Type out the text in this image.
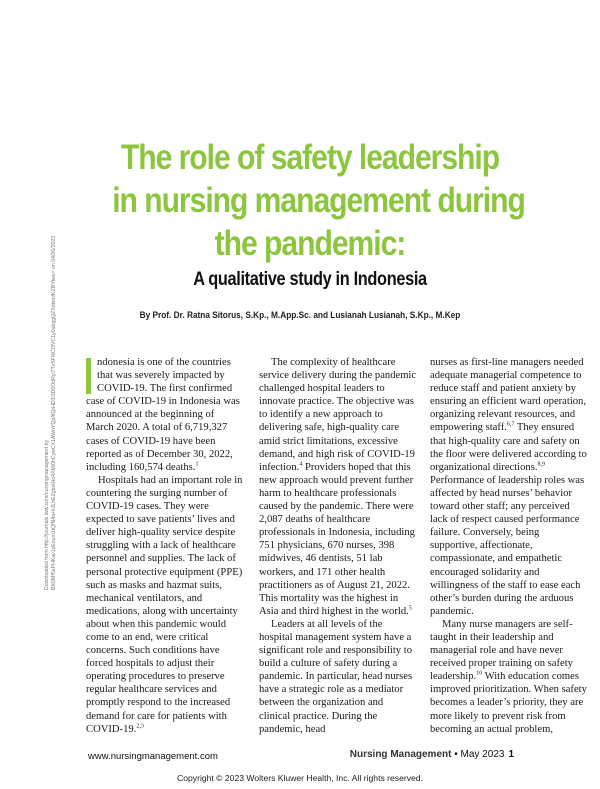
Downloaded from http://journals.lww.com/nursingmanagement by BhDMf5ePHKav1zEoum1tQfN4a+kJLhEZgbsIHo4XMi0hCywCX1AWnYQp/IlQrHD3i3D0OdRyi7TvSFl4Cf3VC1y0abggQZXdtwnfKZBYtws= on 04/26/2023
The role of safety leadership
in nursing management during
the pandemic:
A qualitative study in Indonesia
By Prof. Dr. Ratna Sitorus, S.Kp., M.App.Sc. and Lusianah Lusianah, S.Kp., M.Kep

ndonesia is one of the countries that was severely impacted by COVID-19. The first confirmed case of COVID-19 in Indonesia was announced at the beginning of March 2020. A total of 6,719,327 cases of COVID-19 have been reported as of December 30, 2022, including 160,574 deaths.$^1$

Hospitals had an important role in countering the surging number of COVID-19 cases. They were expected to save patients’ lives and deliver high-quality service despite struggling with a lack of healthcare personnel and supplies. The lack of personal protective equipment (PPE) such as masks and hazmat suits, mechanical ventilators, and medications, along with uncertainty about when this pandemic would come to an end, were critical concerns. Such conditions have forced hospitals to adjust their operating procedures to preserve regular healthcare services and promptly respond to the increased demand for care for patients with COVID-19.$^{2,3}$

The complexity of healthcare service delivery during the pandemic challenged hospital leaders to innovate practice. The objective was to identify a new approach to delivering safe, high-quality care amid strict limitations, excessive demand, and high risk of COVID-19 infection.$^4$ Providers hoped that this new approach would prevent further harm to healthcare professionals caused by the pandemic. There were 2,087 deaths of healthcare professionals in Indonesia, including 751 physicians, 670 nurses, 398 midwives, 46 dentists, 51 lab workers, and 171 other health practitioners as of August 21, 2022. This mortality was the highest in Asia and third highest in the world.$^5$

Leaders at all levels of the hospital management system have a significant role and responsibility to build a culture of safety during a pandemic. In particular, head nurses have a strategic role as a mediator between the organization and clinical practice. During the pandemic, head

nurses as first-line managers needed adequate managerial competence to reduce staff and patient anxiety by ensuring an efficient ward operation, organizing relevant resources, and empowering staff.$^{6,7}$ They ensured that high-quality care and safety on the floor were delivered according to organizational directions.$^{8,9}$ Performance of leadership roles was affected by head nurses’ behavior toward other staff; any perceived lack of respect caused performance failure. Conversely, being supportive, affectionate, compassionate, and empathetic encouraged solidarity and willingness of the staff to ease each other’s burden during the arduous pandemic.

Many nurse managers are self-taught in their leadership and managerial role and have never received proper training on safety leadership.$^{10}$ With education comes improved prioritization. When safety becomes a leader’s priority, they are more likely to prevent risk from becoming an actual problem,

www.nursingmanagement.com	Nursing Management • May 2023 1
Copyright © 2023 Wolters Kluwer Health, Inc. All rights reserved.
